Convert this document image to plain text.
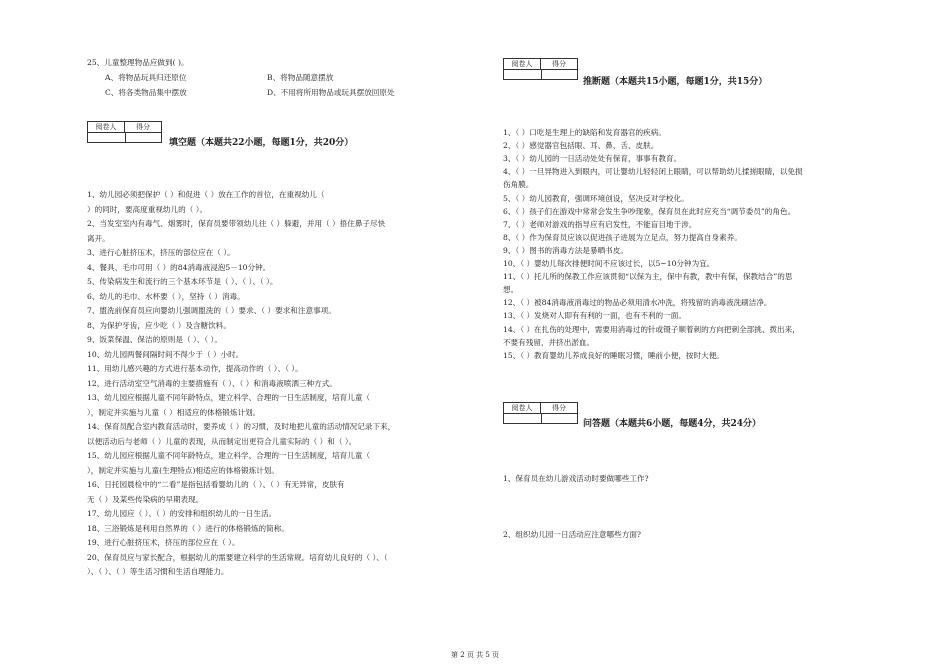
25、儿童整理物品应做到( )。
A、将物品玩具归还原位	B、将物品随意摆放
C、将各类物品集中摆放	D、不用将所用物品或玩具摆放回原处
阅卷人	得分
填空题（本题共22小题，每题1分，共20分）
1、幼儿园必须把保护（ ）和促进（ ）放在工作的首位，在重视幼儿（
）的同时，要高度重视幼儿的（ ）。
2、当发室室内有毒气、烟雾时，保育员要带领幼儿往（ ）躲避，并用（ ）捂住鼻子尽快
离开。
3、进行心脏挤压术，挤压的部位应在（ ）。
4、餐具、毛巾可用（ ）的84消毒液浸泡5－10分钟。
5、传染病发生和流行的三个基本环节是（ ）、（ ）、（ ）。
6、幼儿的毛巾、水杯要（ ），坚持（ ）消毒。
7、盥洗前保育员应向婴幼儿强调盥洗的（ ）要求、（ ）要求和注意事项。
8、为保护牙齿，应少吃（ ）及含糖饮料。
9、饭菜保温、保洁的原则是（ ）、（ ）。
10、幼儿园两餐间隔时间不得少于（ ）小时。
11、用幼儿感兴趣的方式进行基本动作，提高动作的（ ）、（ ）。
12、进行活动室空气消毒的主要措施有（ ）、（ ）和消毒液喷洒三种方式。
13、幼儿园应根据儿童不同年龄特点，建立科学、合理的一日生活制度，培育儿童（
），制定并实施与儿童（ ）相适应的体格锻炼计划。
14、保育员配合室内教育活动时，要养成（ ）的习惯，及时地把儿童的活动情况记录下来，
以便活动后与老师（ ）儿童的表现，从而制定出更符合儿童实际的（ ）和（ ）。
15、幼儿园应根据儿童不同年龄特点，建立科学、合理的一日生活制度，培育儿童（
），制定并实施与儿童(生理特点)相适应的体格锻炼计划。
16、日托园晨检中的“二看”是指包括看婴幼儿的（ ）、（ ）有无异常，皮肤有
无（ ）及某些传染病的早期表现。
17、幼儿园应（ ）、（ ）的安排和组织幼儿的一日生活。
18、三浴锻炼是利用自然界的（ ）进行的体格锻炼的简称。
19、进行心脏挤压术，挤压的部位应在（ ）。
20、保育员应与家长配合，根据幼儿的需要建立科学的生活常规。培育幼儿良好的（ ）、（
）、（ ）、（ ）等生活习惯和生活自理能力。
阅卷人	得分
推断题（本题共15小题，每题1分，共15分）
1、（ ）口吃是生理上的缺陷和发育器官的疾病。
2、（ ）感觉器官包括眼、耳、鼻、舌、皮肤。
3、（ ）幼儿园的一日活动处处有保育，事事有教育。
4、（ ）一旦异物进入到眼内，可让婴幼儿轻轻闭上眼睛，可以帮助幼儿揉搓眼睛，以免损
伤角膜。
5、（ ）幼儿园教育，强调环境创设，坚决反对学校化。
6、（ ）孩子们在游戏中常常会发生争吵现象，保育员在此时应充当“调节委员”的角色。
7、（ ）老师对游戏的指导应有启发性，不能盲目地干涉。
8、（ ）作为保育员应该以促进孩子进展为立足点，努力提高自身素养。
9、（ ）图书的消毒方法是暴晒书皮。
10、（ ）婴幼儿每次排便时间不应该过长，以5~10分钟为宜。
11、（ ）托儿所的保教工作应该贯彻“以保为主，保中有教，教中有保，保教结合”的思
想。
12、（ ）被84消毒液消毒过的物品必须用清水冲洗，将残留的消毒液洗刷洁净。
13、（ ）发烧对人即有有利的一面，也有不利的一面。
14、（ ）在扎伤的处理中，需要用消毒过的针或镊子顺着刺的方向把刺全部挑、拨出来，
不要有残留，并挤出淤血。
15、（ ）教育婴幼儿养成良好的睡眠习惯，睡前小便，按时大便。
阅卷人	得分
问答题（本题共6小题，每题4分，共24分）
1、保育员在幼儿游戏活动时要做哪些工作?
2、组织幼儿园一日活动应注意哪些方面?
第 2 页 共 5 页
